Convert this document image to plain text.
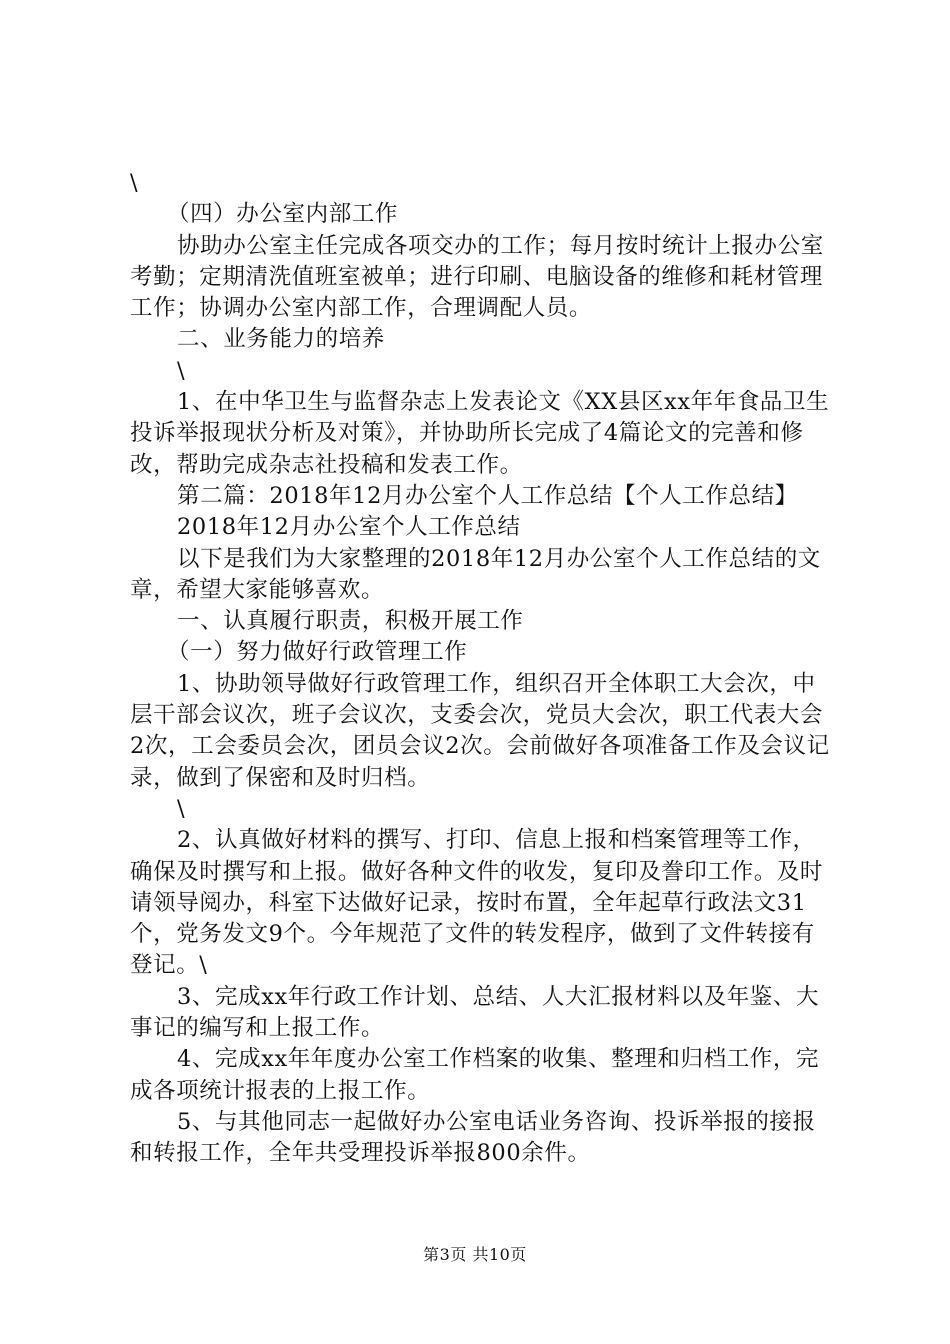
\

（四）办公室内部工作

协助办公室主任完成各项交办的工作；每月按时统计上报办公室考勤；定期清洗值班室被单；进行印刷、电脑设备的维修和耗材管理工作；协调办公室内部工作，合理调配人员。

二、业务能力的培养

\

1、在中华卫生与监督杂志上发表论文《XX县区xx年年食品卫生投诉举报现状分析及对策》，并协助所长完成了4篇论文的完善和修改，帮助完成杂志社投稿和发表工作。

第二篇：2018年12月办公室个人工作总结【个人工作总结】

2018年12月办公室个人工作总结

以下是我们为大家整理的2018年12月办公室个人工作总结的文章，希望大家能够喜欢。

一、认真履行职责，积极开展工作

（一）努力做好行政管理工作

1、协助领导做好行政管理工作，组织召开全体职工大会次，中层干部会议次，班子会议次，支委会次，党员大会次，职工代表大会2次，工会委员会次，团员会议2次。会前做好各项准备工作及会议记录，做到了保密和及时归档。

\

2、认真做好材料的撰写、打印、信息上报和档案管理等工作，确保及时撰写和上报。做好各种文件的收发，复印及誊印工作。及时请领导阅办，科室下达做好记录，按时布置，全年起草行政法文31个，党务发文9个。今年规范了文件的转发程序，做到了文件转接有登记。\

3、完成xx年行政工作计划、总结、人大汇报材料以及年鉴、大事记的编写和上报工作。

4、完成xx年年度办公室工作档案的收集、整理和归档工作，完成各项统计报表的上报工作。

5、与其他同志一起做好办公室电话业务咨询、投诉举报的接报和转报工作，全年共受理投诉举报800余件。

第3页 共10页
